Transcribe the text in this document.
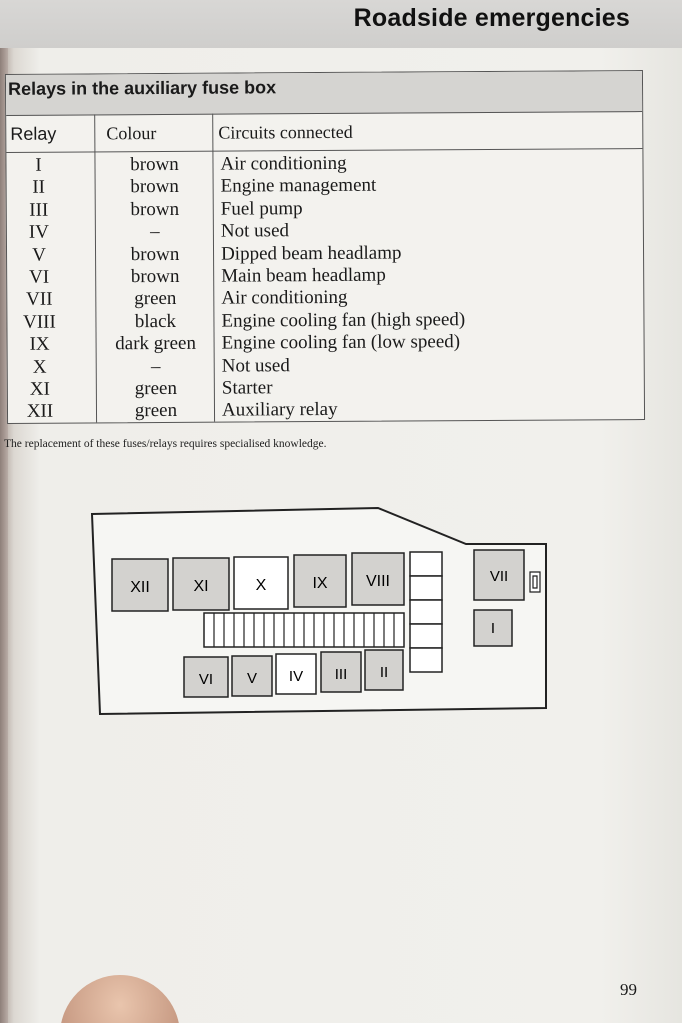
Roadside emergencies
Relays in the auxiliary fuse box
Relay	Colour	Circuits connected
I	brown	Air conditioning
II	brown	Engine management
III	brown	Fuel pump
IV	–	Not used
V	brown	Dipped beam headlamp
VI	brown	Main beam headlamp
VII	green	Air conditioning
VIII	black	Engine cooling fan (high speed)
IX	dark green	Engine cooling fan (low speed)
X	–	Not used
XI	green	Starter
XII	green	Auxiliary relay
The replacement of these fuses/relays requires specialised knowledge.
XII	XI	X	IX VIII
VI V IV III II
VII
I
99
